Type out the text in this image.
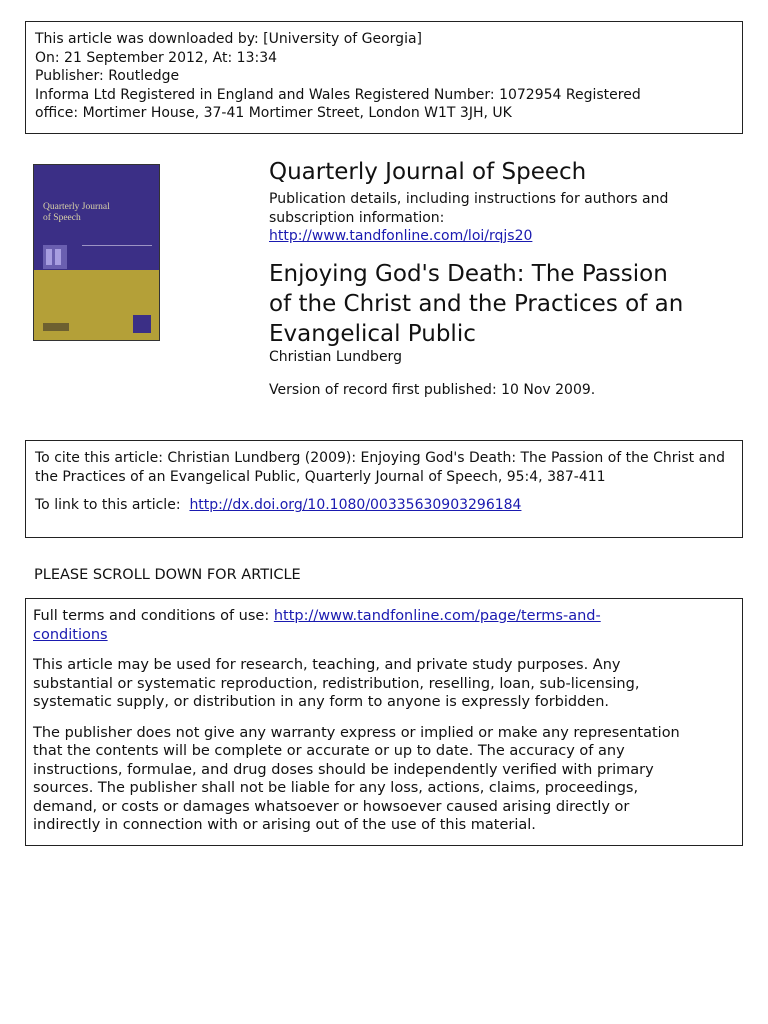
This article was downloaded by: [University of Georgia]
On: 21 September 2012, At: 13:34
Publisher: Routledge
Informa Ltd Registered in England and Wales Registered Number: 1072954 Registered
office: Mortimer House, 37-41 Mortimer Street, London W1T 3JH, UK
Quarterly Journal
of Speech
Quarterly Journal of Speech
Publication details, including instructions for authors and
subscription information:
http://www.tandfonline.com/loi/rqjs20
Enjoying God's Death: The Passion
of the Christ and the Practices of an
Evangelical Public
Christian Lundberg
Version of record first published: 10 Nov 2009.
To cite this article: Christian Lundberg (2009): Enjoying God's Death: The Passion of the Christ and
the Practices of an Evangelical Public, Quarterly Journal of Speech, 95:4, 387-411
To link to this article: http://dx.doi.org/10.1080/00335630903296184
PLEASE SCROLL DOWN FOR ARTICLE

Full terms and conditions of use: http://www.tandfonline.com/page/terms-and-
conditions

This article may be used for research, teaching, and private study purposes. Any
substantial or systematic reproduction, redistribution, reselling, loan, sub-licensing,
systematic supply, or distribution in any form to anyone is expressly forbidden.

The publisher does not give any warranty express or implied or make any representation
that the contents will be complete or accurate or up to date. The accuracy of any
instructions, formulae, and drug doses should be independently verified with primary
sources. The publisher shall not be liable for any loss, actions, claims, proceedings,
demand, or costs or damages whatsoever or howsoever caused arising directly or
indirectly in connection with or arising out of the use of this material.
